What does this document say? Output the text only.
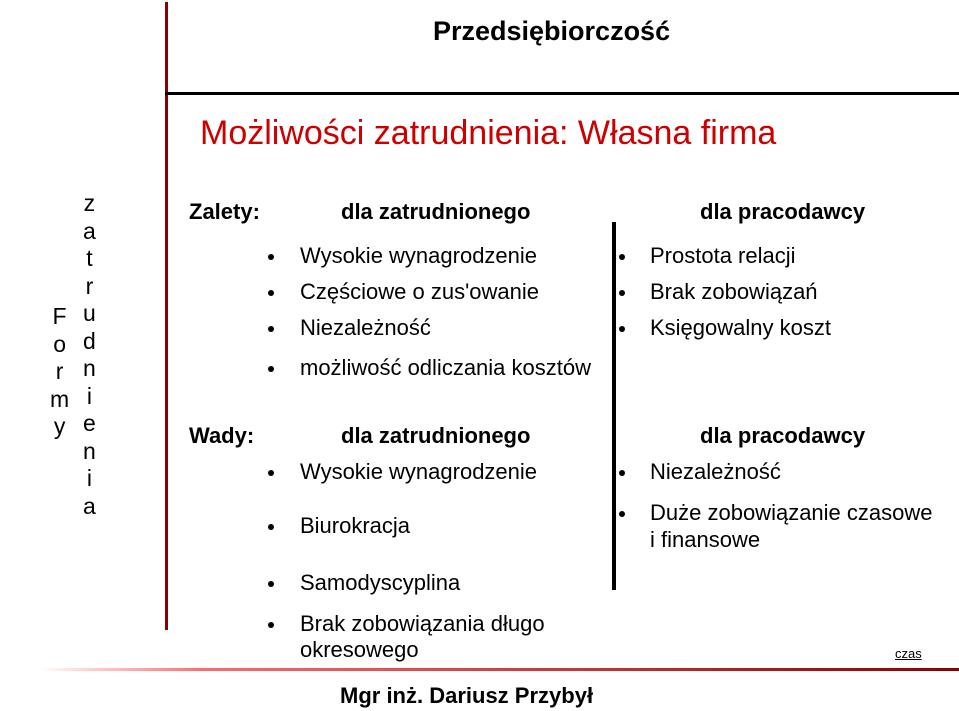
Przedsiębiorczość
Możliwości zatrudnienia: Własna firma
F
o
r
m
y
z
a
t
r
u
d
n
i
e
n
i
a
Zalety:	dla zatrudnionego	dla pracodawcy
Wysokie wynagrodzenie
Częściowe o zus'owanie
Niezależność
możliwość odliczania kosztów
Prostota relacji
Brak zobowiązań
Księgowalny koszt
Wady:	dla zatrudnionego	dla pracodawcy
Wysokie wynagrodzenie
Biurokracja
Samodyscyplina
Brak zobowiązania długo
okresowego
Niezależność
Duże zobowiązanie czasowe
i finansowe
czas
Mgr inż. Dariusz Przybył
